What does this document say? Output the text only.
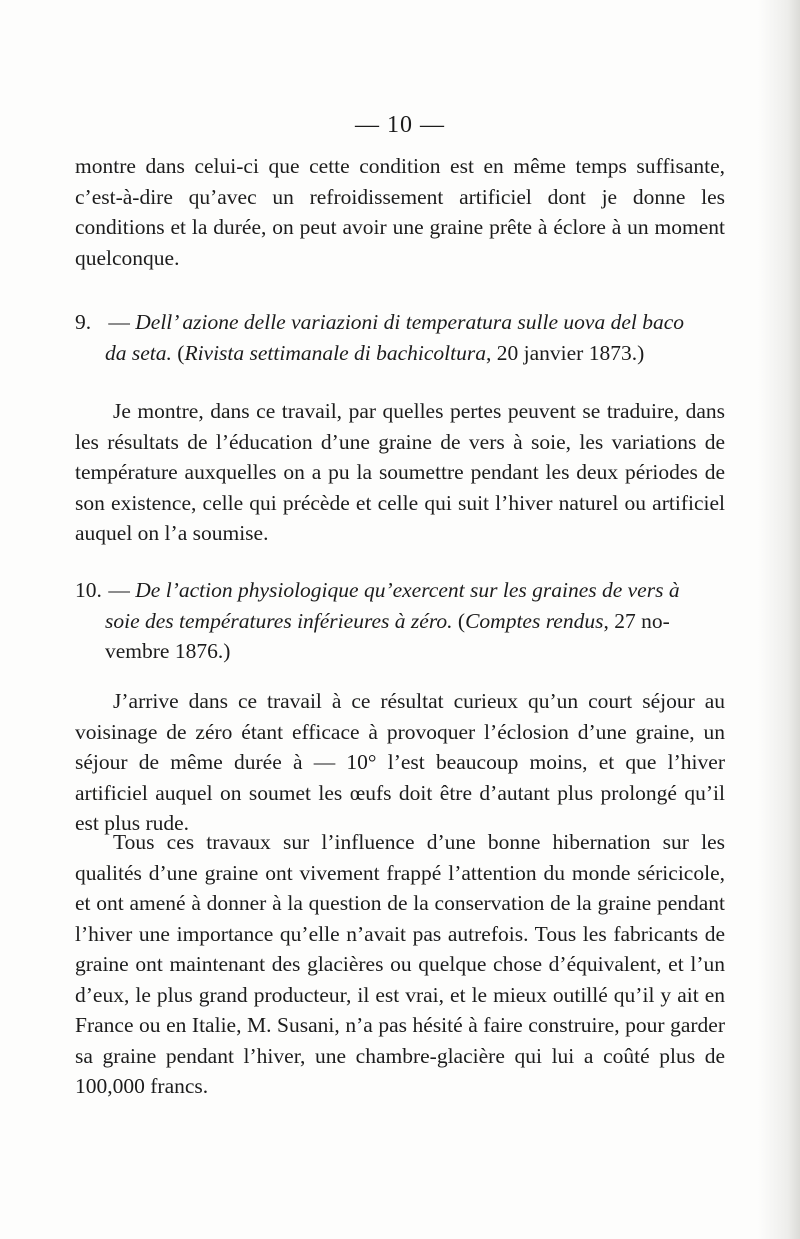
— 10 —

montre dans celui-ci que cette condition est en même temps suffisante, c’est-à-dire qu’avec un refroidissement artificiel dont je donne les conditions et la durée, on peut avoir une graine prête à éclore à un moment quelconque.

9. — Dell’ azione delle variazioni di temperatura sulle uova del baco
da seta. (Rivista settimanale di bachicoltura, 20 janvier 1873.)

Je montre, dans ce travail, par quelles pertes peuvent se traduire, dans les résultats de l’éducation d’une graine de vers à soie, les variations de température auxquelles on a pu la soumettre pendant les deux périodes de son existence, celle qui précède et celle qui suit l’hiver naturel ou artificiel auquel on l’a soumise.

10. — De l’action physiologique qu’exercent sur les graines de vers à
soie des températures inférieures à zéro. (Comptes rendus, 27 no-
vembre 1876.)

J’arrive dans ce travail à ce résultat curieux qu’un court séjour au voisinage de zéro étant efficace à provoquer l’éclosion d’une graine, un séjour de même durée à — 10° l’est beaucoup moins, et que l’hiver artificiel auquel on soumet les œufs doit être d’autant plus prolongé qu’il est plus rude.

Tous ces travaux sur l’influence d’une bonne hibernation sur les qualités d’une graine ont vivement frappé l’attention du monde séricicole, et ont amené à donner à la question de la conservation de la graine pendant l’hiver une importance qu’elle n’avait pas autrefois. Tous les fabricants de graine ont maintenant des glacières ou quelque chose d’équivalent, et l’un d’eux, le plus grand producteur, il est vrai, et le mieux outillé qu’il y ait en France ou en Italie, M. Susani, n’a pas hésité à faire construire, pour garder sa graine pendant l’hiver, une chambre-glacière qui lui a coûté plus de 100,000 francs.
